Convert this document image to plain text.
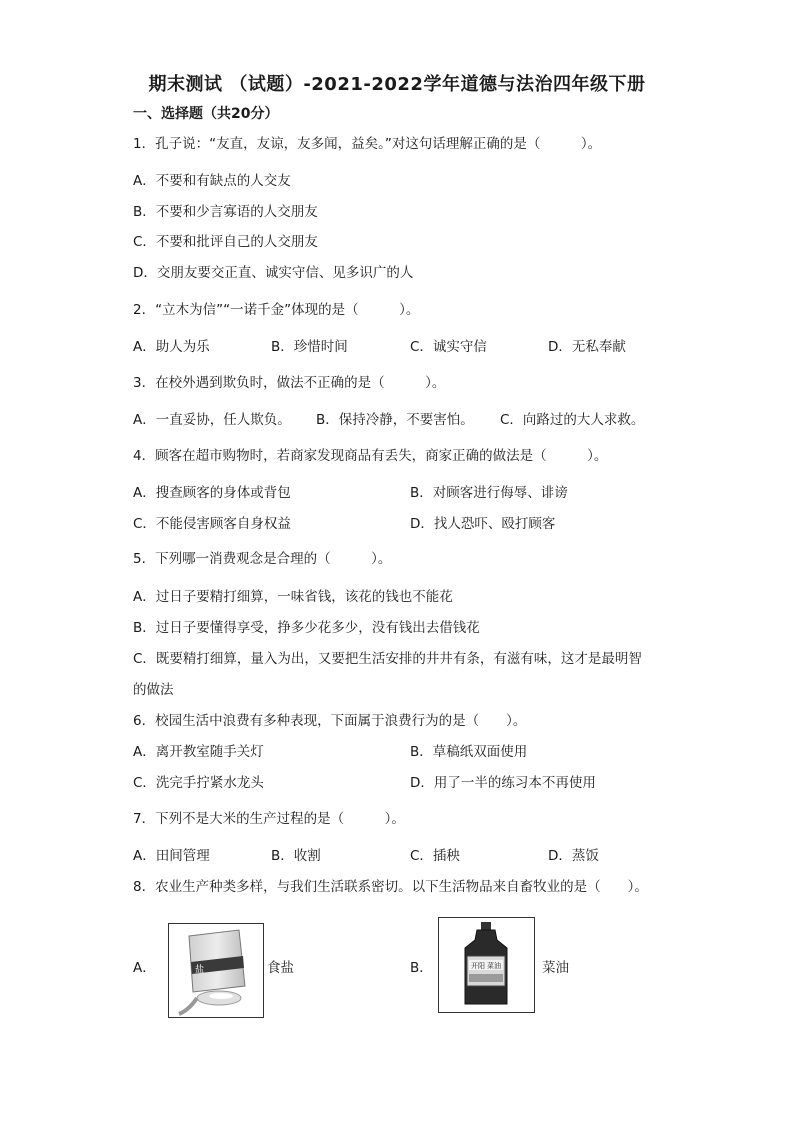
期末测试 （试题）-2021-2022学年道德与法治四年级下册
一、选择题（共20分）
1．孔子说：“友直，友谅，友多闻，益矣。”对这句话理解正确的是（　　　）。
A．不要和有缺点的人交友
B．不要和少言寡语的人交朋友
C．不要和批评自己的人交朋友
D．交朋友要交正直、诚实守信、见多识广的人
2．“立木为信”“一诺千金”体现的是（　　　）。
A．助人为乐	B．珍惜时间	C．诚实守信	D．无私奉献
3．在校外遇到欺负时，做法不正确的是（　　　）。
A．一直妥协，任人欺负。 B．保持冷静，不要害怕。 C．向路过的大人求救。
4．顾客在超市购物时，若商家发现商品有丢失，商家正确的做法是（　　　）。
A．搜查顾客的身体或背包	B．对顾客进行侮辱、诽谤
C．不能侵害顾客自身权益	D．找人恐吓、殴打顾客
5．下列哪一消费观念是合理的（　　　）。
A．过日子要精打细算，一味省钱，该花的钱也不能花
B．过日子要懂得享受，挣多少花多少，没有钱出去借钱花
C．既要精打细算，量入为出，又要把生活安排的井井有条，有滋有味，这才是最明智
的做法
6．校园生活中浪费有多种表现，下面属于浪费行为的是（　　）。
A．离开教室随手关灯	B．草稿纸双面使用
C．洗完手拧紧水龙头	D．用了一半的练习本不再使用
7．下列不是大米的生产过程的是（　　　）。
A．田间管理	B．收割	C．插秧	D．蒸饭
8．农业生产种类多样，与我们生活联系密切。以下生活物品来自畜牧业的是（　　）。
A．	盐	食盐	B．	开阳 菜油	菜油
